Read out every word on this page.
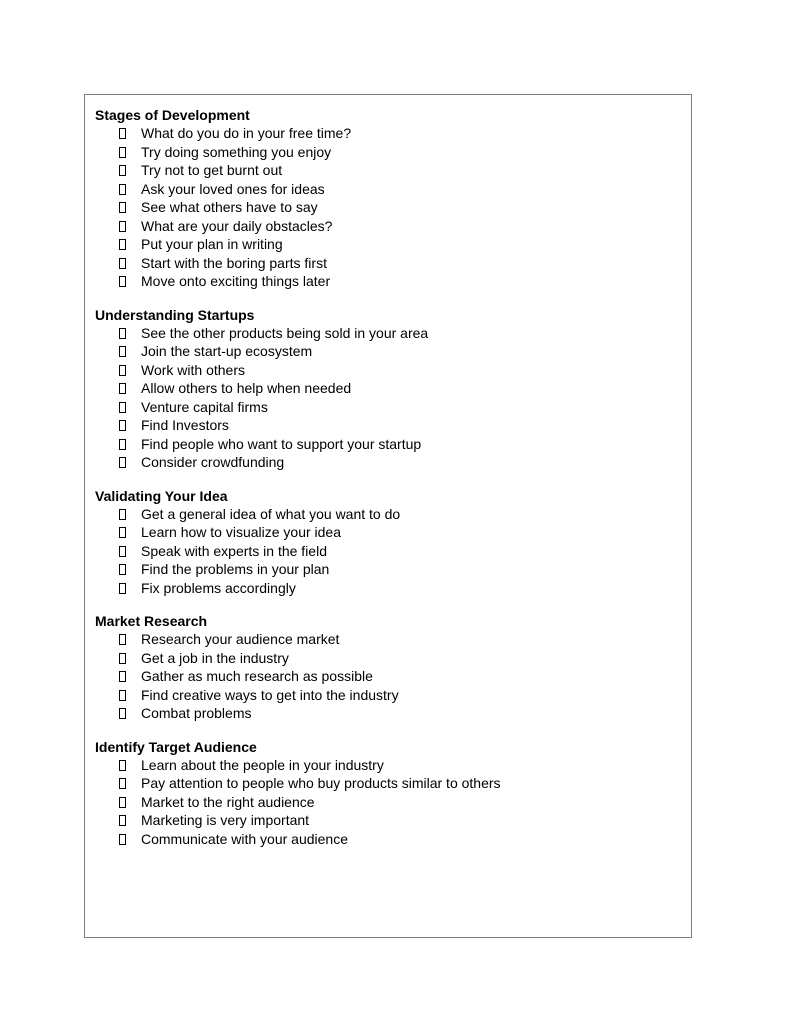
Stages of Development
What do you do in your free time?
Try doing something you enjoy
Try not to get burnt out
Ask your loved ones for ideas
See what others have to say
What are your daily obstacles?
Put your plan in writing
Start with the boring parts first
Move onto exciting things later
Understanding Startups
See the other products being sold in your area
Join the start-up ecosystem
Work with others
Allow others to help when needed
Venture capital firms
Find Investors
Find people who want to support your startup
Consider crowdfunding
Validating Your Idea
Get a general idea of what you want to do
Learn how to visualize your idea
Speak with experts in the field
Find the problems in your plan
Fix problems accordingly
Market Research
Research your audience market
Get a job in the industry
Gather as much research as possible
Find creative ways to get into the industry
Combat problems
Identify Target Audience
Learn about the people in your industry
Pay attention to people who buy products similar to others
Market to the right audience
Marketing is very important
Communicate with your audience
